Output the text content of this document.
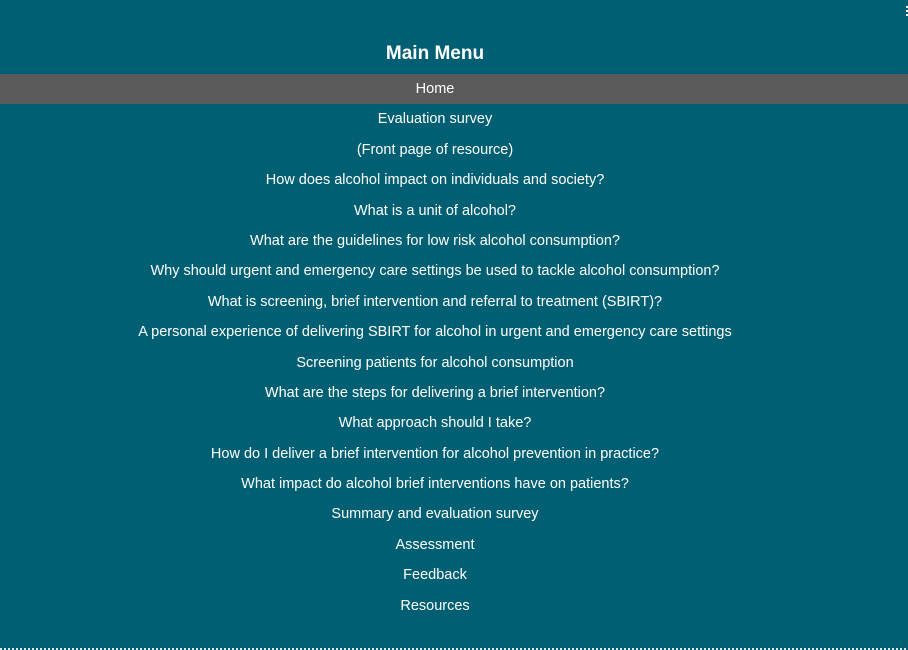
Main Menu
Home
Evaluation survey
(Front page of resource)
How does alcohol impact on individuals and society?
What is a unit of alcohol?
What are the guidelines for low risk alcohol consumption?
Why should urgent and emergency care settings be used to tackle alcohol consumption?
What is screening, brief intervention and referral to treatment (SBIRT)?
A personal experience of delivering SBIRT for alcohol in urgent and emergency care settings
Screening patients for alcohol consumption
What are the steps for delivering a brief intervention?
What approach should I take?
How do I deliver a brief intervention for alcohol prevention in practice?
What impact do alcohol brief interventions have on patients?
Summary and evaluation survey
Assessment
Feedback
Resources
